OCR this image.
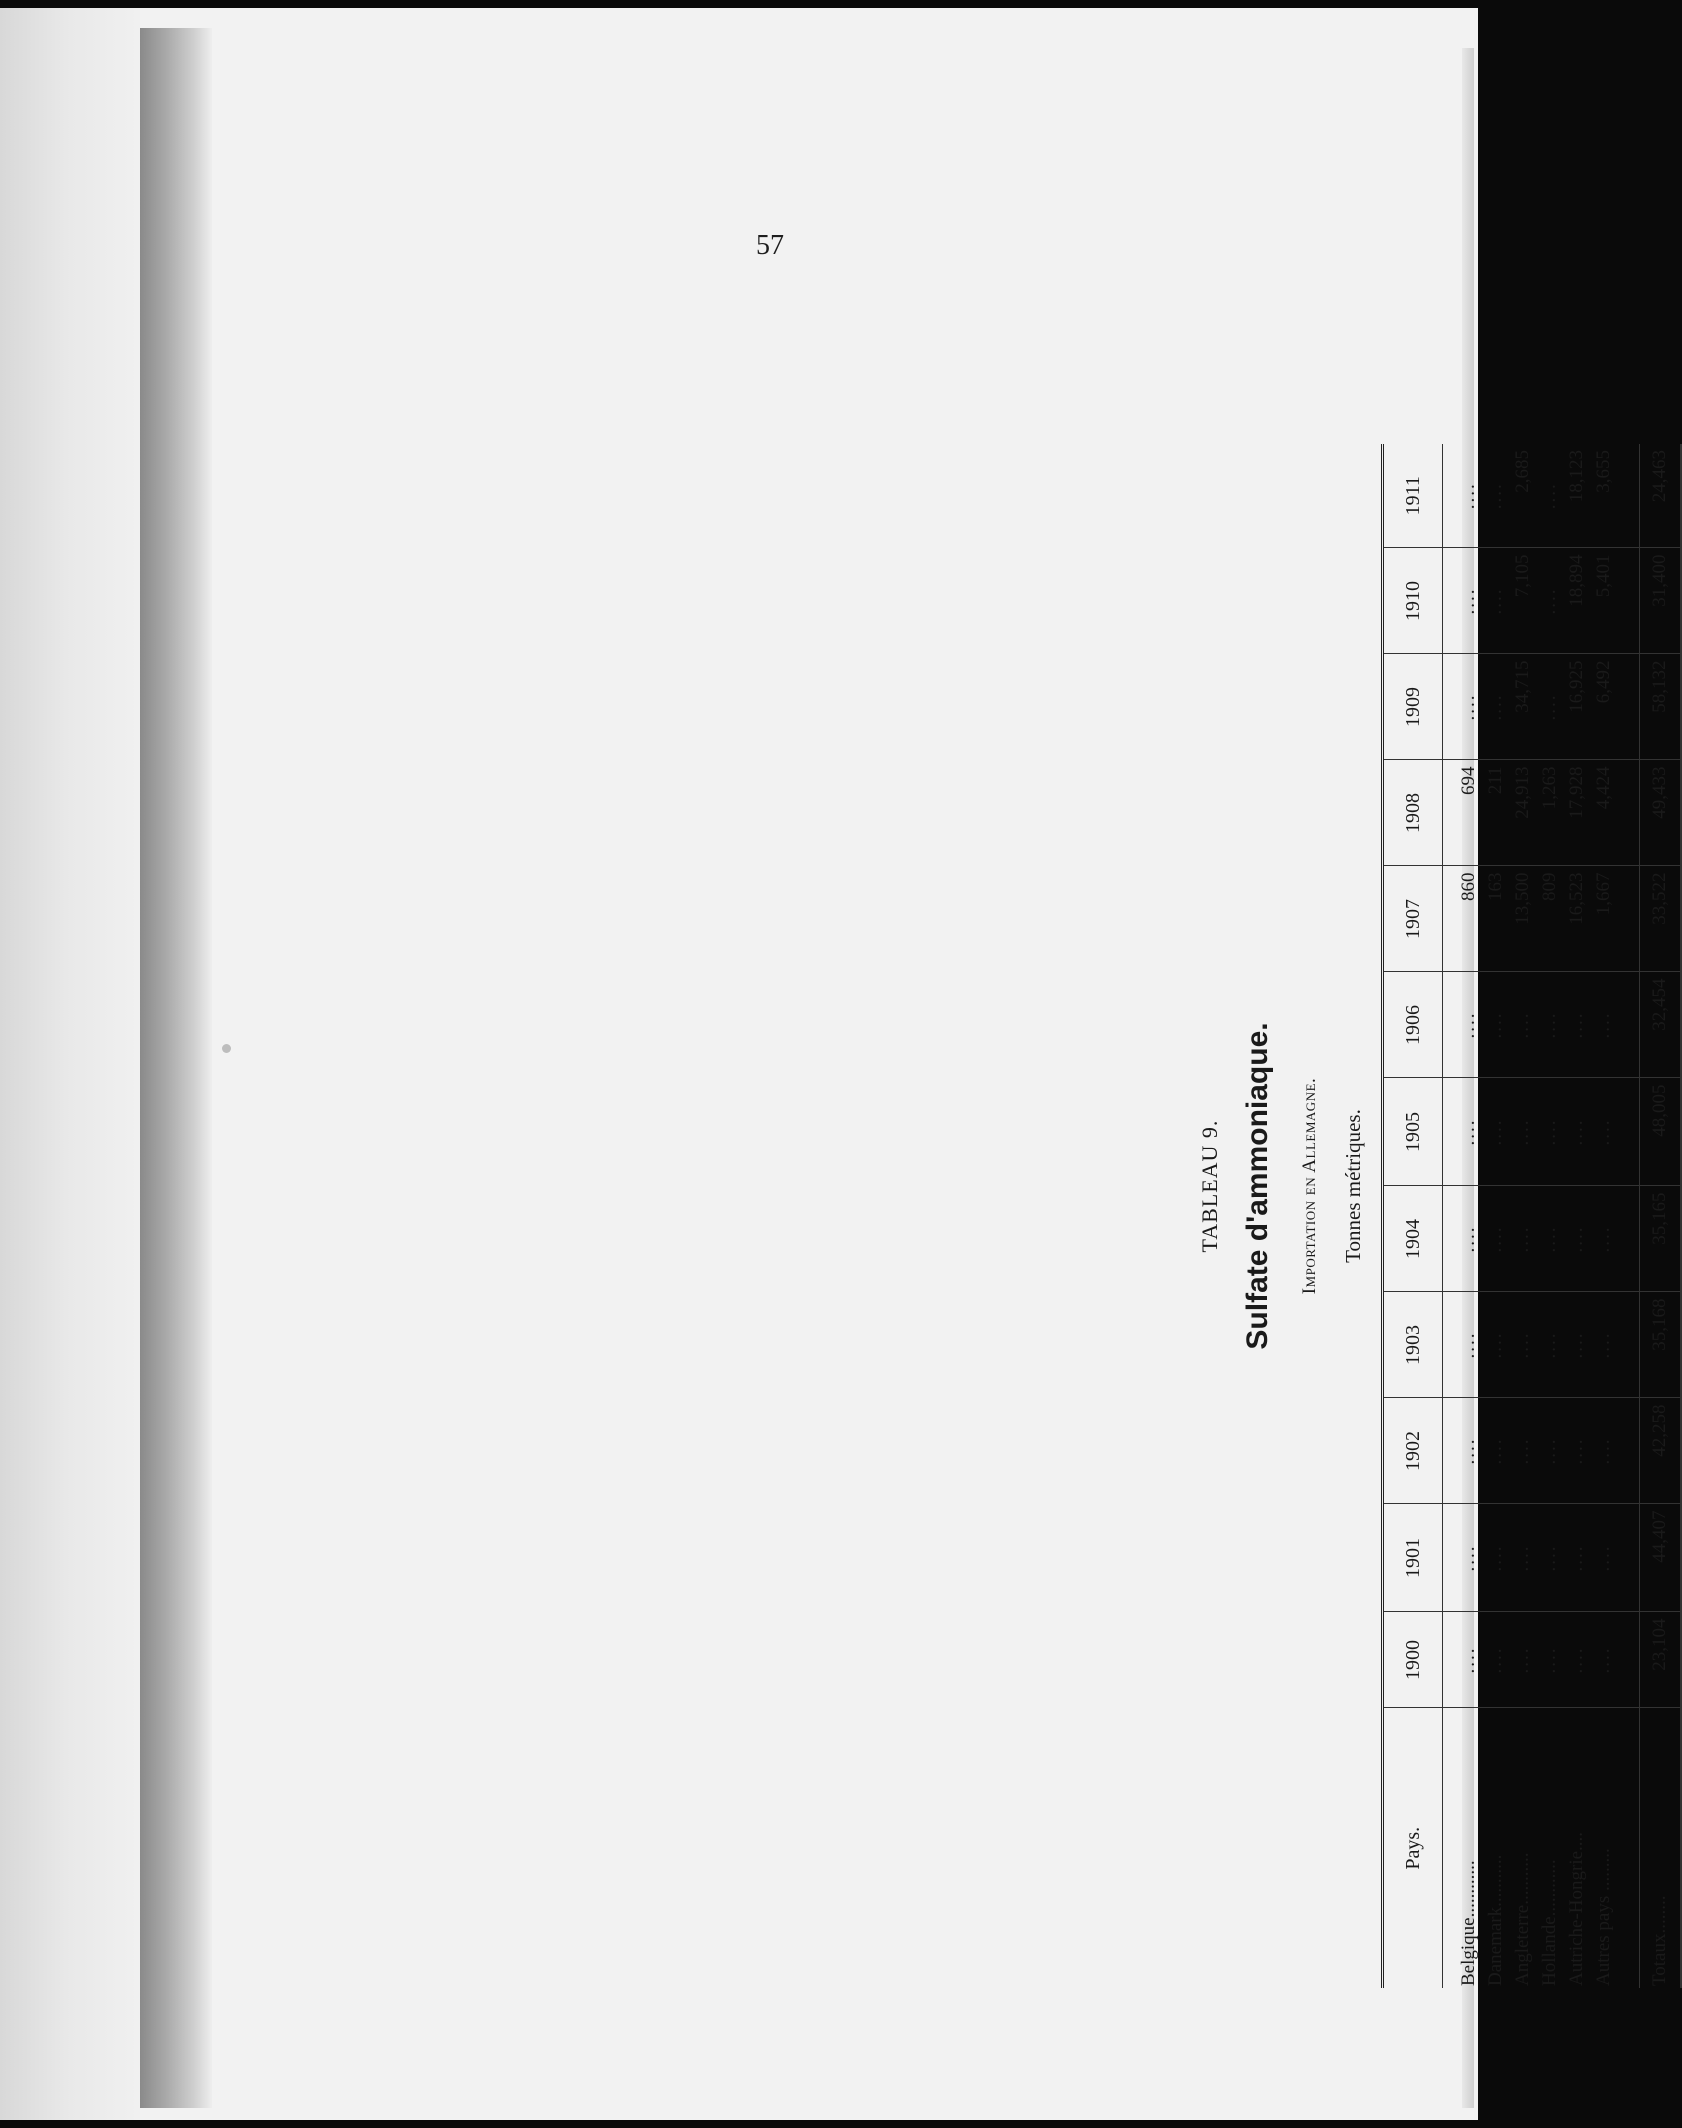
57
TABLEAU 9. Sulfate d'ammoniaque. Importation en Allemagne. Tonnes métriques.
Pays.	1900	1901	1902	1903	1904	1905	1906	1907	1908	1909	1910	1911

Belgique............	....	....	....	....	....	....	....	860	694	....	....	....
Danemark...........	....	....	....	....	....	....	....	163	211	....	....	....
Angleterre...........	....	....	....	....	....	....	....	13,500	24,913	34,715	7,105	2,685
Hollande............	....	....	....	....	....	....	....	809	1,263	....	....	....
Autriche-Hongrie....	....	....	....	....	....	....	....	16,523	17,928	16,925	18,894	18,123
Autres pays .........	....	....	....	....	....	....	....	1,667	4,424	6,492	5,401	3,655

Totaux........	23,104	44,407	42,258	35,168	35,165	48,005	32,454	33,522	49,433	58,132	31,400	24,463
